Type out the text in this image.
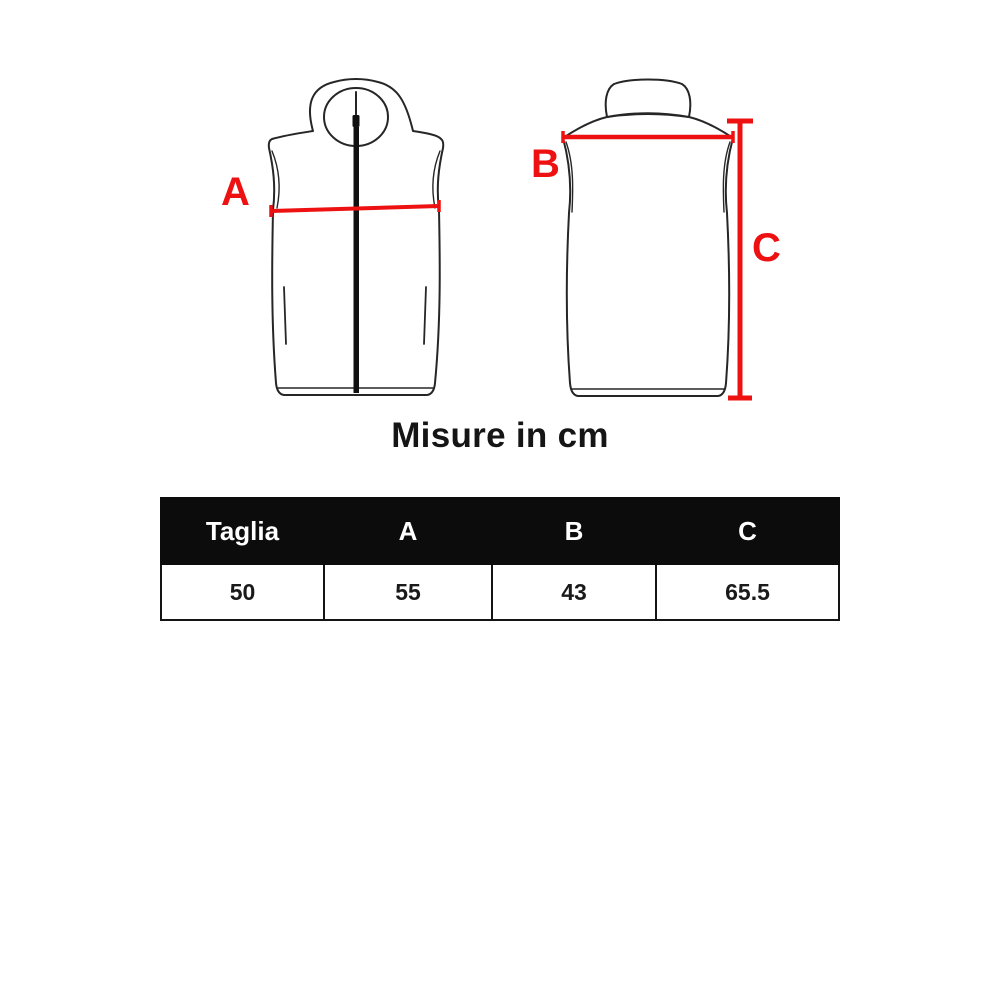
A
B
C
Misure in cm
Taglia	A	B	C
50	55	43	65.5
